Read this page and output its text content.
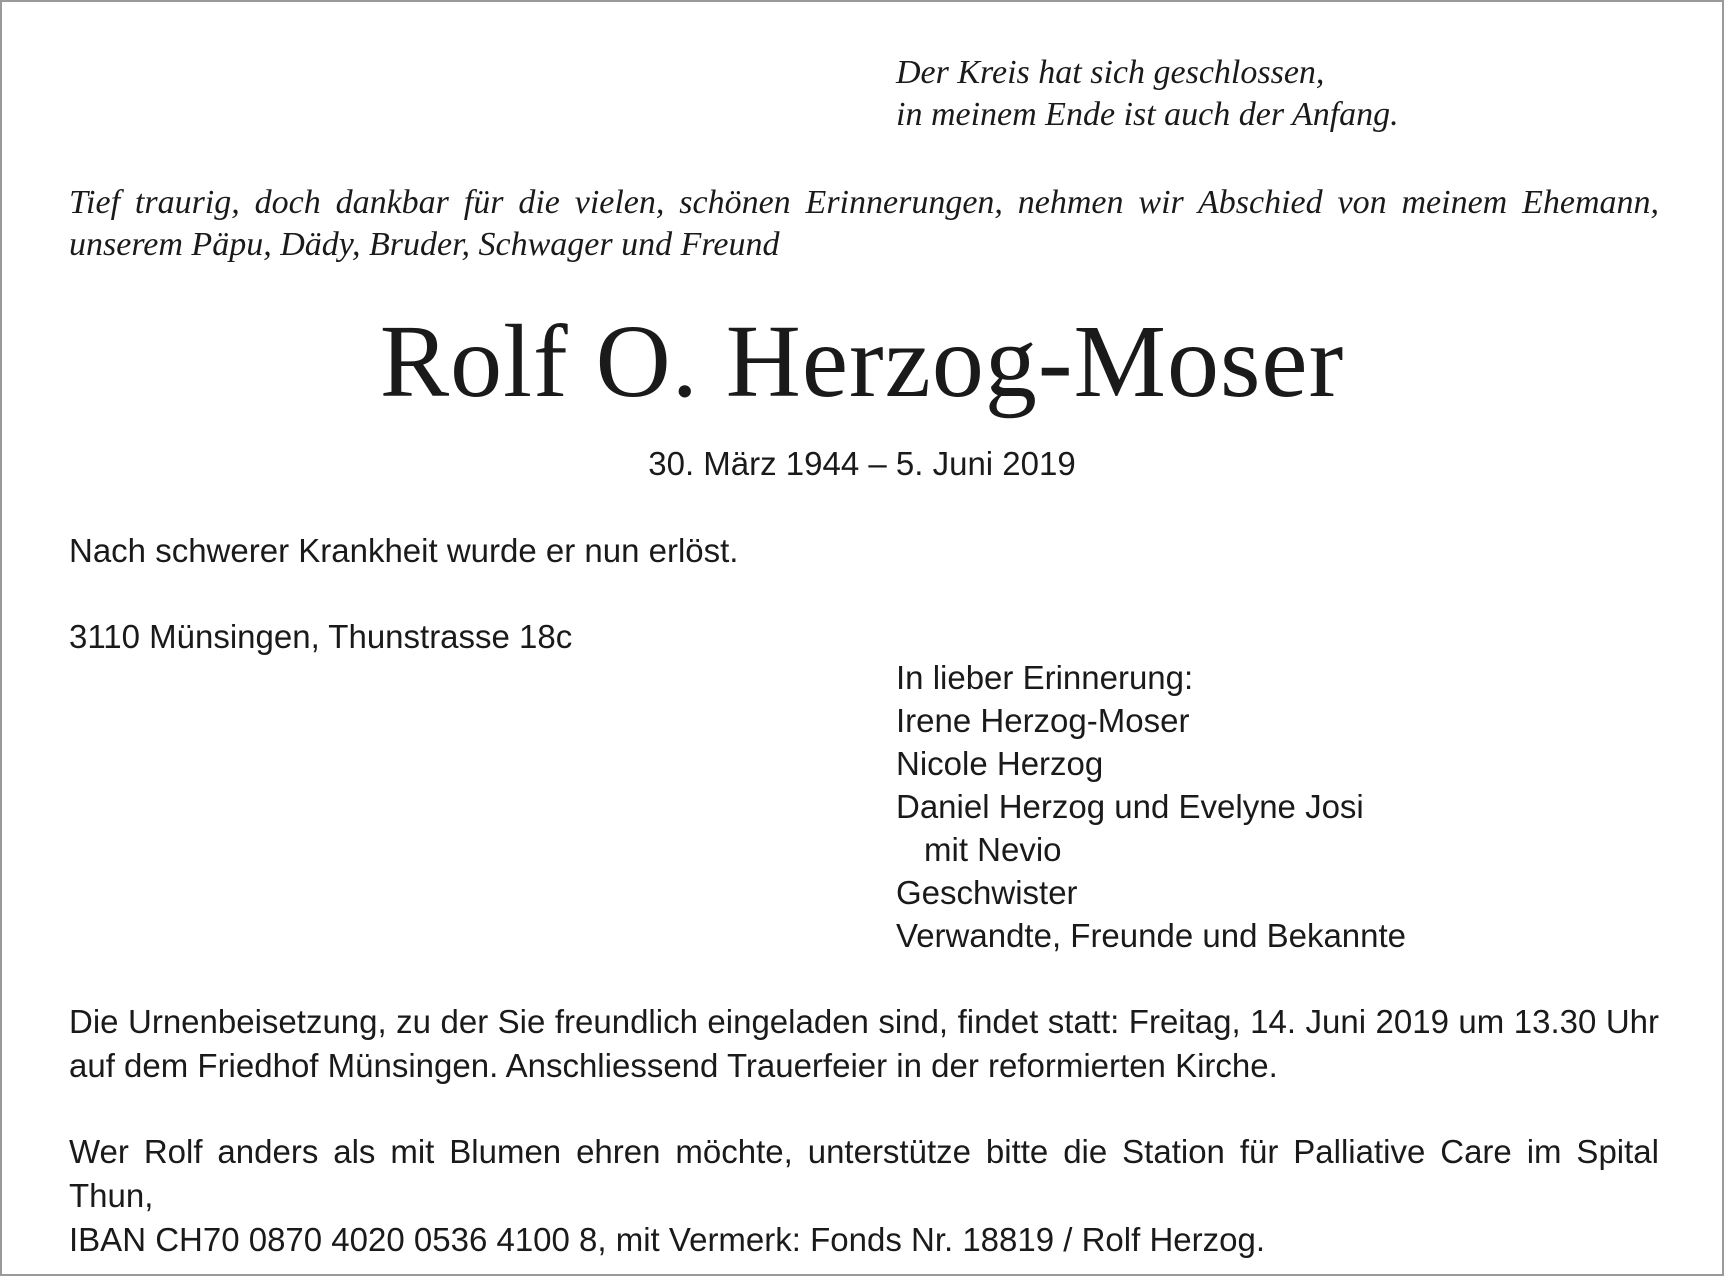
Der Kreis hat sich geschlossen,
in meinem Ende ist auch der Anfang.
Tief traurig, doch dankbar für die vielen, schönen Erinnerungen, nehmen wir Abschied von meinem Ehemann,
unserem Päpu, Dädy, Bruder, Schwager und Freund
Rolf O. Herzog-Moser
30. März 1944 – 5. Juni 2019
Nach schwerer Krankheit wurde er nun erlöst.
3110 Münsingen, Thunstrasse 18c
In lieber Erinnerung:
Irene Herzog-Moser
Nicole Herzog
Daniel Herzog und Evelyne Josi
mit Nevio
Geschwister
Verwandte, Freunde und Bekannte
Die Urnenbeisetzung, zu der Sie freundlich eingeladen sind, findet statt: Freitag, 14. Juni 2019 um 13.30 Uhr
auf dem Friedhof Münsingen. Anschliessend Trauerfeier in der reformierten Kirche.
Wer Rolf anders als mit Blumen ehren möchte, unterstütze bitte die Station für Palliative Care im Spital Thun,
IBAN CH70 0870 4020 0536 4100 8, mit Vermerk: Fonds Nr. 18819 / Rolf Herzog.
